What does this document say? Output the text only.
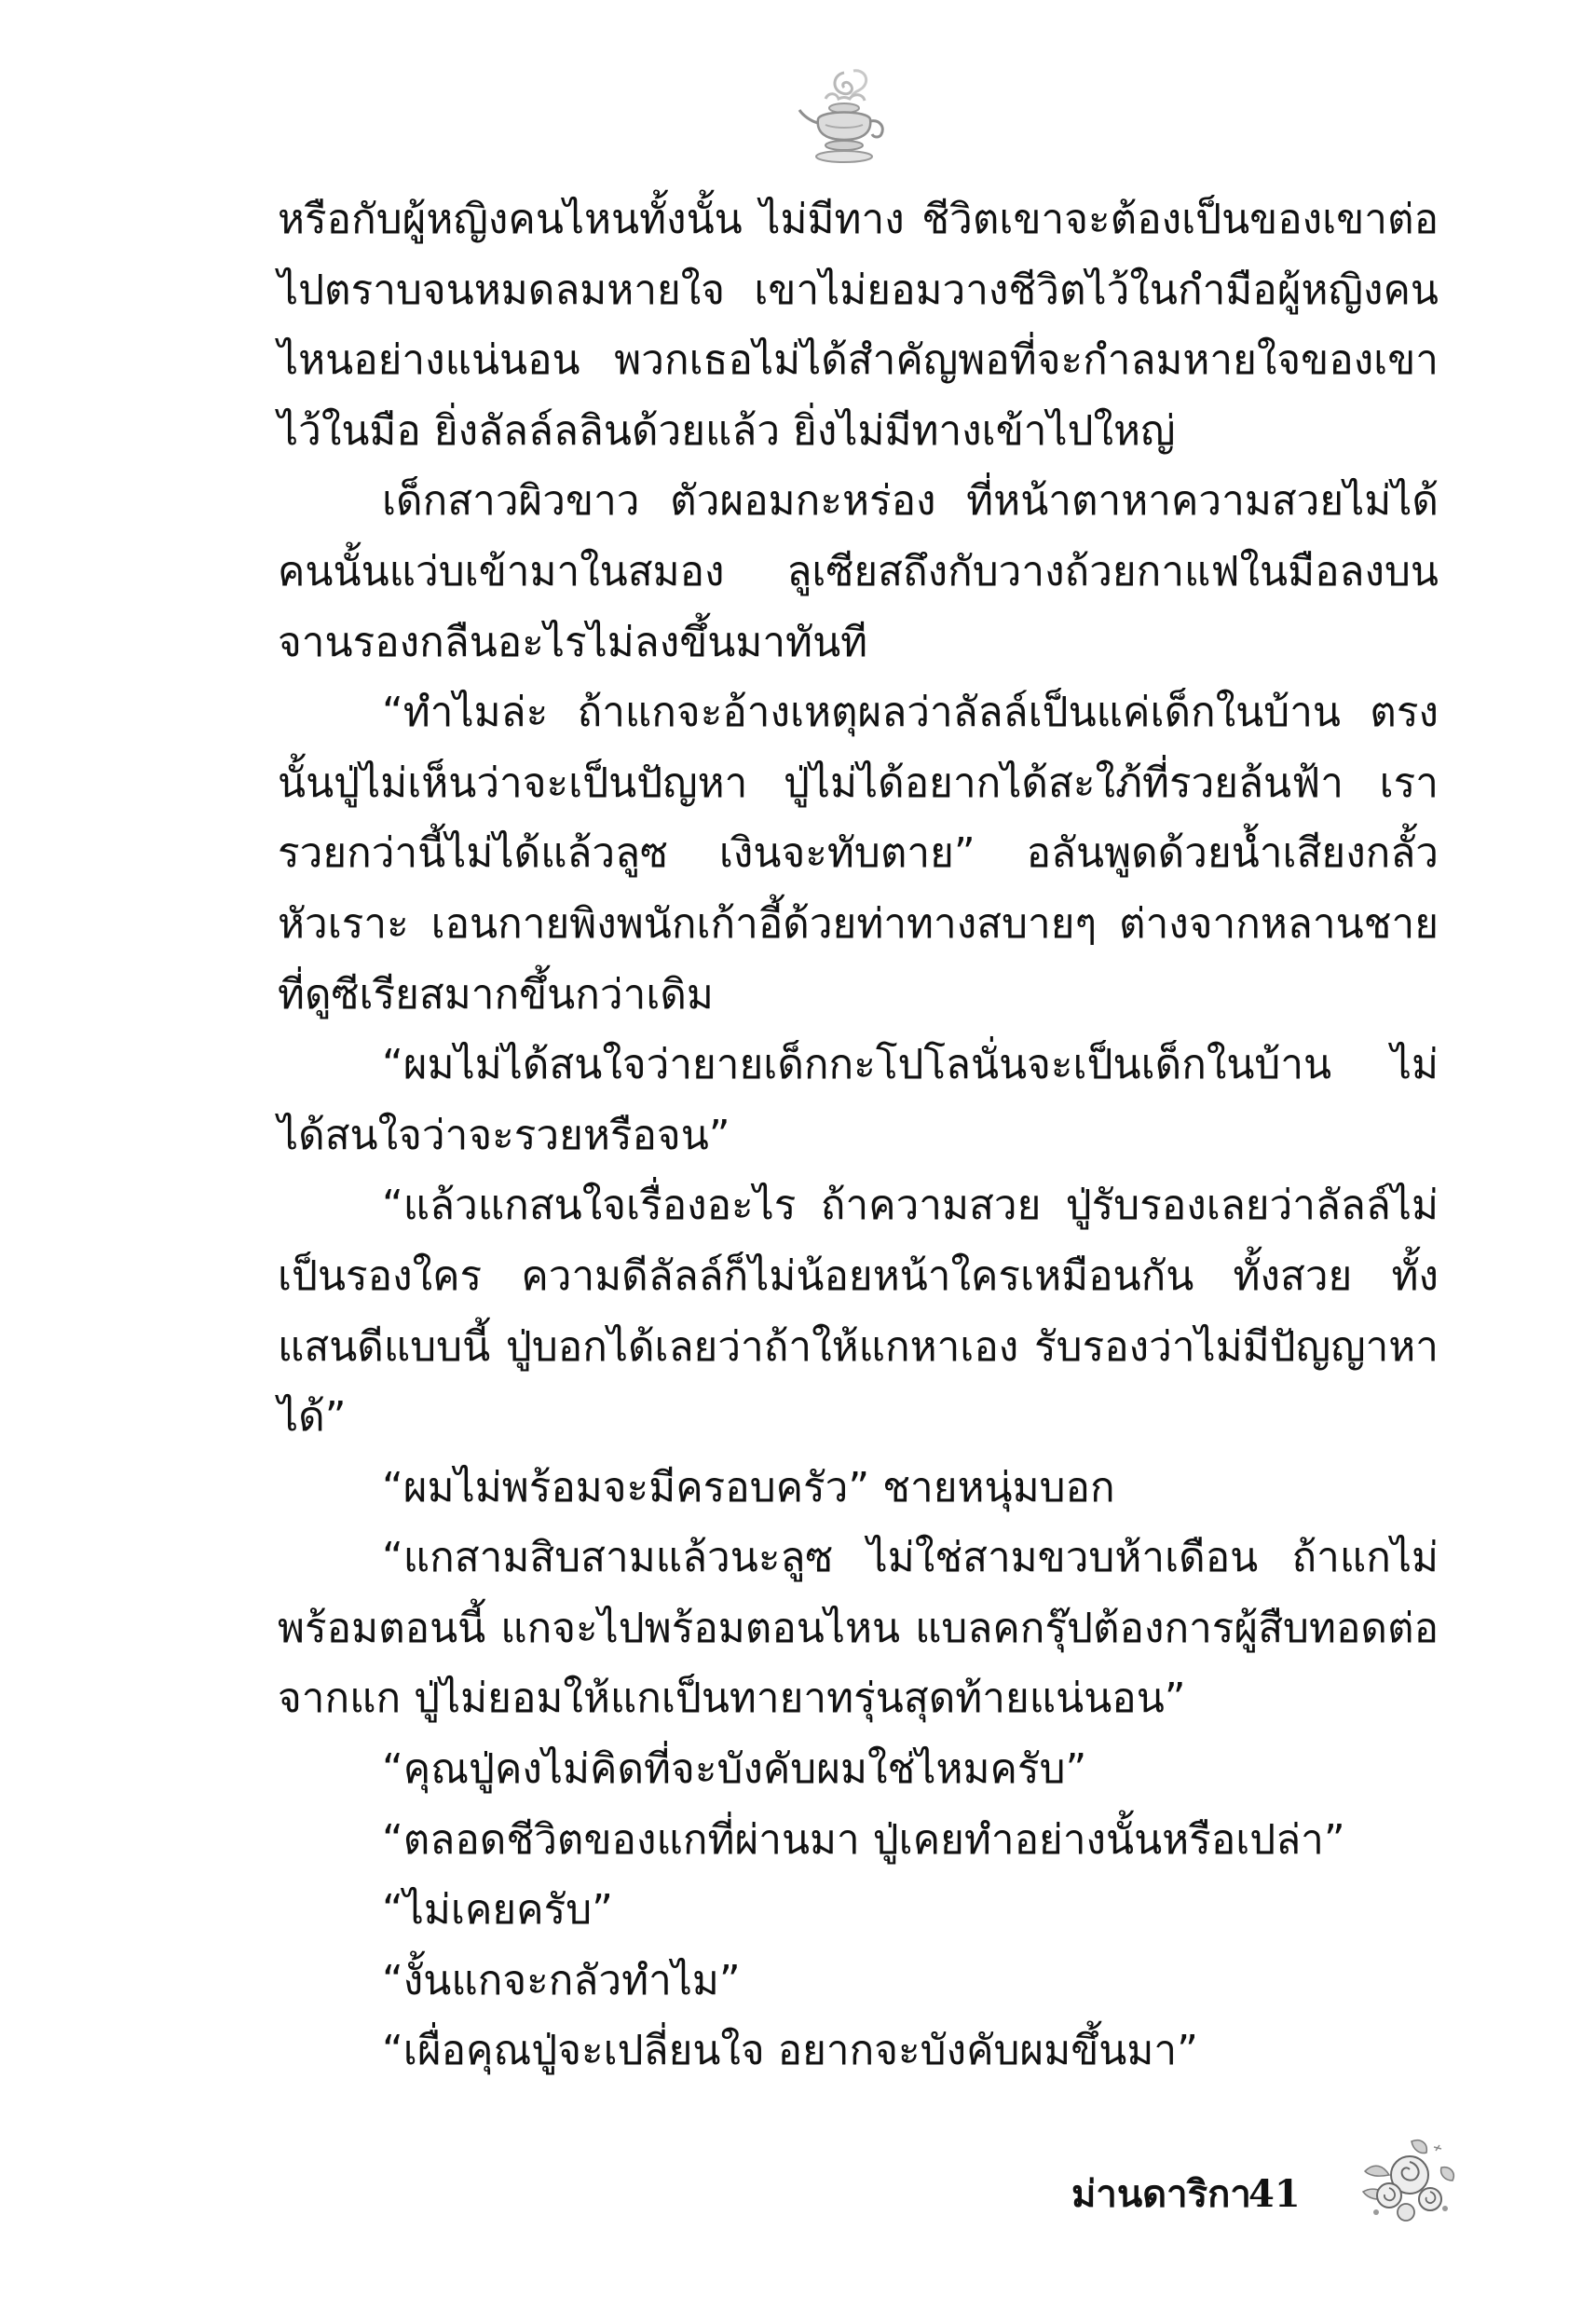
หรือกับผู้หญิงคนไหนทั้งนั้น ไม่มีทาง ชีวิตเขาจะต้องเป็นของเขาต่อไปตราบจนหมดลมหายใจ เขาไม่ยอมวางชีวิตไว้ในกำมือผู้หญิงคนไหนอย่างแน่นอน พวกเธอไม่ได้สำคัญพอที่จะกำลมหายใจของเขาไว้ในมือ ยิ่งลัลล์ลลินด้วยแล้ว ยิ่งไม่มีทางเข้าไปใหญ่

เด็กสาวผิวขาว ตัวผอมกะหร่อง ที่หน้าตาหาความสวยไม่ได้คนนั้นแว่บเข้ามาในสมอง ลูเซียสถึงกับวางถ้วยกาแฟในมือลงบนจานรองกลืนอะไรไม่ลงขึ้นมาทันที

“ทำไมล่ะ ถ้าแกจะอ้างเหตุผลว่าลัลล์เป็นแค่เด็กในบ้าน ตรงนั้นปู่ไม่เห็นว่าจะเป็นปัญหา ปู่ไม่ได้อยากได้สะใภ้ที่รวยล้นฟ้า เรารวยกว่านี้ไม่ได้แล้วลูซ เงินจะทับตาย” อลันพูดด้วยน้ำเสียงกลั้วหัวเราะ เอนกายพิงพนักเก้าอี้ด้วยท่าทางสบายๆ ต่างจากหลานชายที่ดูซีเรียสมากขึ้นกว่าเดิม

“ผมไม่ได้สนใจว่ายายเด็กกะโปโลนั่นจะเป็นเด็กในบ้าน ไม่ได้สนใจว่าจะรวยหรือจน”

“แล้วแกสนใจเรื่องอะไร ถ้าความสวย ปู่รับรองเลยว่าลัลล์ไม่เป็นรองใคร ความดีลัลล์ก็ไม่น้อยหน้าใครเหมือนกัน ทั้งสวย ทั้งแสนดีแบบนี้ ปู่บอกได้เลยว่าถ้าให้แกหาเอง รับรองว่าไม่มีปัญญาหาได้”

“ผมไม่พร้อมจะมีครอบครัว” ชายหนุ่มบอก

“แกสามสิบสามแล้วนะลูซ ไม่ใช่สามขวบห้าเดือน ถ้าแกไม่พร้อมตอนนี้ แกจะไปพร้อมตอนไหน แบลคกรุ๊ปต้องการผู้สืบทอดต่อจากแก ปู่ไม่ยอมให้แกเป็นทายาทรุ่นสุดท้ายแน่นอน”

“คุณปู่คงไม่คิดที่จะบังคับผมใช่ไหมครับ”

“ตลอดชีวิตของแกที่ผ่านมา ปู่เคยทำอย่างนั้นหรือเปล่า”

“ไม่เคยครับ”

“งั้นแกจะกลัวทำไม”

“เผื่อคุณปู่จะเปลี่ยนใจ อยากจะบังคับผมขึ้นมา”

ม่านดาริกา
41
